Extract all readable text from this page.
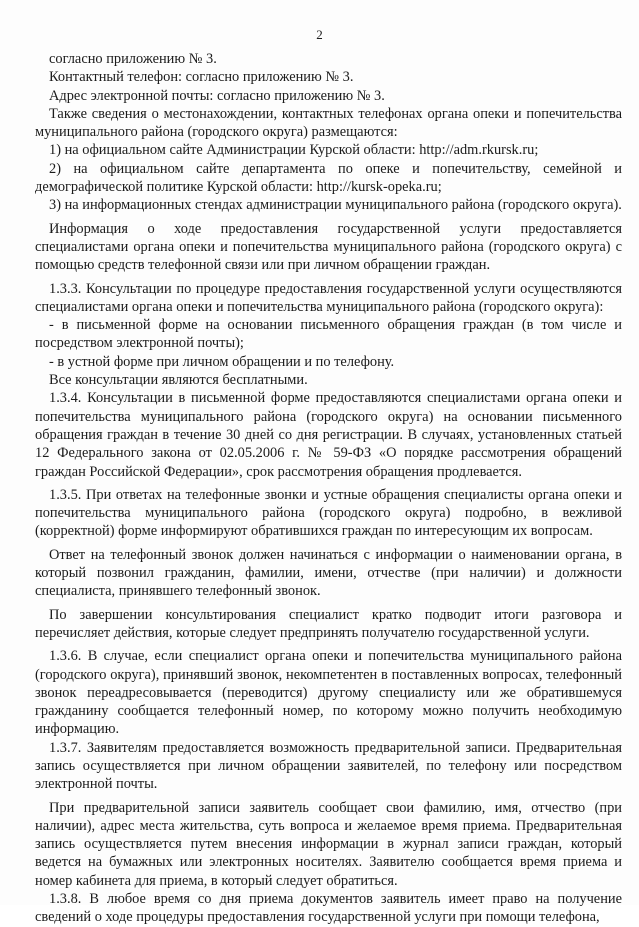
2

согласно приложению № 3.

Контактный телефон: согласно приложению № 3.

Адрес электронной почты: согласно приложению № 3.

Также сведения о местонахождении, контактных телефонах органа опеки и попечительства муниципального района (городского округа) размещаются:

1) на официальном сайте Администрации Курской области: http://adm.rkursk.ru;

2) на официальном сайте департамента по опеке и попечительству, семейной и демографической политике Курской области: http://kursk-opeka.ru;

3) на информационных стендах администрации муниципального района (городского округа).

Информация о ходе предоставления государственной услуги предоставляется специалистами органа опеки и попечительства муниципального района (городского округа) с помощью средств телефонной связи или при личном обращении граждан.

1.3.3. Консультации по процедуре предоставления государственной услуги осуществляются специалистами органа опеки и попечительства муниципального района (городского округа):

- в письменной форме на основании письменного обращения граждан (в том числе и посредством электронной почты);

- в устной форме при личном обращении и по телефону.

Все консультации являются бесплатными.

1.3.4. Консультации в письменной форме предоставляются специалистами органа опеки и попечительства муниципального района (городского округа) на основании письменного обращения граждан в течение 30 дней со дня регистрации. В случаях, установленных статьей 12 Федерального закона от 02.05.2006 г. № 59-ФЗ «О порядке рассмотрения обращений граждан Российской Федерации», срок рассмотрения обращения продлевается.

1.3.5. При ответах на телефонные звонки и устные обращения специалисты органа опеки и попечительства муниципального района (городского округа) подробно, в вежливой (корректной) форме информируют обратившихся граждан по интересующим их вопросам.

Ответ на телефонный звонок должен начинаться с информации о наименовании органа, в который позвонил гражданин, фамилии, имени, отчестве (при наличии) и должности специалиста, принявшего телефонный звонок.

По завершении консультирования специалист кратко подводит итоги разговора и перечисляет действия, которые следует предпринять получателю государственной услуги.

1.3.6. В случае, если специалист органа опеки и попечительства муниципального района (городского округа), принявший звонок, некомпетентен в поставленных вопросах, телефонный звонок переадресовывается (переводится) другому специалисту или же обратившемуся гражданину сообщается телефонный номер, по которому можно получить необходимую информацию.

1.3.7. Заявителям предоставляется возможность предварительной записи. Предварительная запись осуществляется при личном обращении заявителей, по телефону или посредством электронной почты.

При предварительной записи заявитель сообщает свои фамилию, имя, отчество (при наличии), адрес места жительства, суть вопроса и желаемое время приема. Предварительная запись осуществляется путем внесения информации в журнал записи граждан, который ведется на бумажных или электронных носителях. Заявителю сообщается время приема и номер кабинета для приема, в который следует обратиться.

1.3.8. В любое время со дня приема документов заявитель имеет право на получение сведений о ходе процедуры предоставления государственной услуги при помощи телефона,
